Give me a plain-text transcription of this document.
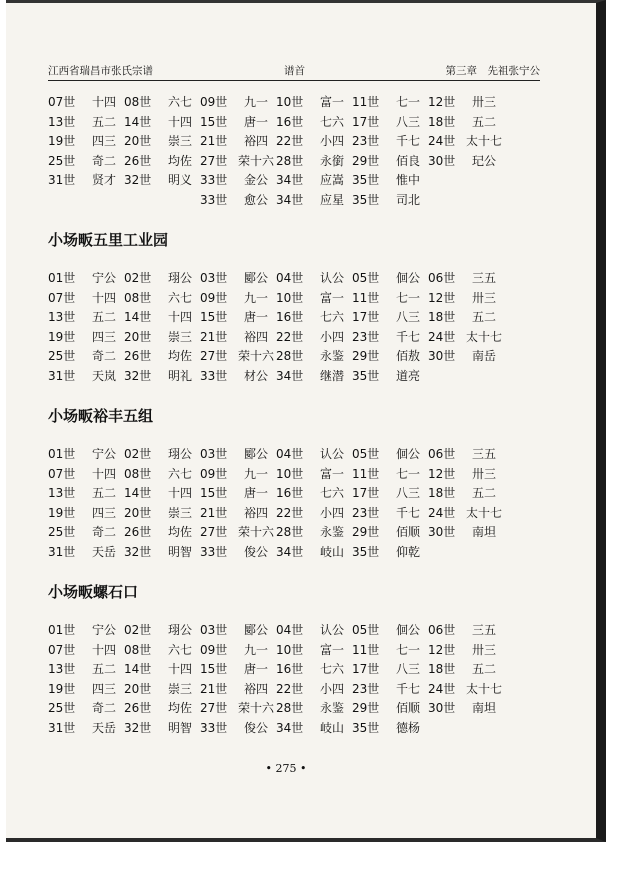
江西省瑞昌市张氏宗谱	谱首	第三章　先祖张宁公
07世 十四 08世 六七 09世 九一 10世 富一 11世 七一 12世 卅三
13世 五二 14世 十四 15世 唐一 16世 七六 17世 八三 18世 五二
19世 四三 20世 崇三 21世 裕四 22世 小四 23世 千七 24世 太十七
25世 奇二 26世 均佐 27世 荣十六 28世 永銜 29世 佰良 30世 玘公
31世 贤才 32世 明义 33世 金公 34世 应嵩 35世 惟中
33世 愈公 34世 应星 35世 司北
小场畈五里工业园
01世 宁公 02世 珝公 03世 郾公 04世 认公 05世 佪公 06世 三五
07世 十四 08世 六七 09世 九一 10世 富一 11世 七一 12世 卅三
13世 五二 14世 十四 15世 唐一 16世 七六 17世 八三 18世 五二
19世 四三 20世 崇三 21世 裕四 22世 小四 23世 千七 24世 太十七
25世 奇二 26世 均佐 27世 荣十六 28世 永鉴 29世 佰敖 30世 南岳
31世 天岚 32世 明礼 33世 材公 34世 继潜 35世 道亮
小场畈裕丰五组
01世 宁公 02世 珝公 03世 郾公 04世 认公 05世 佪公 06世 三五
07世 十四 08世 六七 09世 九一 10世 富一 11世 七一 12世 卅三
13世 五二 14世 十四 15世 唐一 16世 七六 17世 八三 18世 五二
19世 四三 20世 崇三 21世 裕四 22世 小四 23世 千七 24世 太十七
25世 奇二 26世 均佐 27世 荣十六 28世 永鉴 29世 佰顺 30世 南坦
31世 天岳 32世 明智 33世 俊公 34世 岐山 35世 仰乾
小场畈螺石口
01世 宁公 02世 珝公 03世 郾公 04世 认公 05世 佪公 06世 三五
07世 十四 08世 六七 09世 九一 10世 富一 11世 七一 12世 卅三
13世 五二 14世 十四 15世 唐一 16世 七六 17世 八三 18世 五二
19世 四三 20世 崇三 21世 裕四 22世 小四 23世 千七 24世 太十七
25世 奇二 26世 均佐 27世 荣十六 28世 永鉴 29世 佰顺 30世 南坦
31世 天岳 32世 明智 33世 俊公 34世 岐山 35世 德杨
• 275 •
